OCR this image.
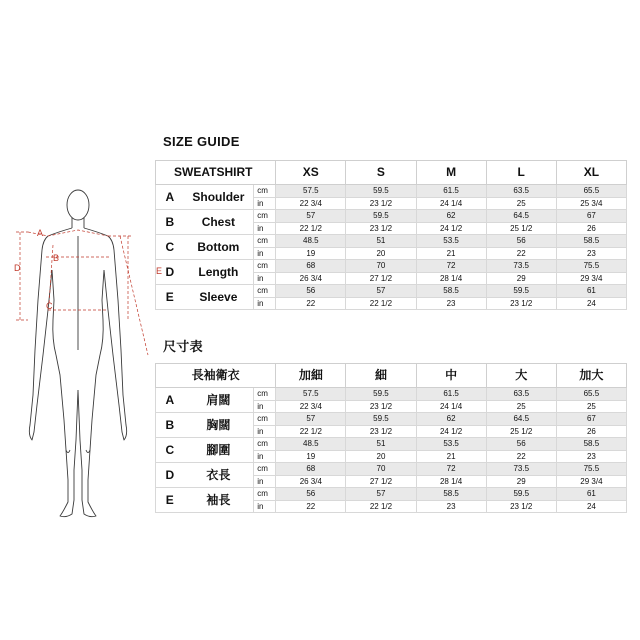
A
B
C
D	E
SIZE GUIDE
SWEATSHIRT			XS	S	M	L	XL
A	Shoulder	cm	57.5	59.5	61.5	63.5	65.5
		in	22 3/4	23 1/2	24 1/4	25	25 3/4
B	Chest	cm	57	59.5	62	64.5	67
		in	22 1/2	23 1/2	24 1/2	25 1/2	26
C	Bottom	cm	48.5	51	53.5	56	58.5
		in	19	20	21	22	23
D	Length	cm	68	70	72	73.5	75.5
		in	26 3/4	27 1/2	28 1/4	29	29 3/4
E	Sleeve	cm	56	57	58.5	59.5	61
		in	22	22 1/2	23	23 1/2	24
尺寸表
長袖衛衣			加細	細	中	大	加大
A	肩闊	cm	57.5	59.5	61.5	63.5	65.5
		in	22 3/4	23 1/2	24 1/4	25	25
B	胸闊	cm	57	59.5	62	64.5	67
		in	22 1/2	23 1/2	24 1/2	25 1/2	26
C	腳圍	cm	48.5	51	53.5	56	58.5
		in	19	20	21	22	23
D	衣長	cm	68	70	72	73.5	75.5
		in	26 3/4	27 1/2	28 1/4	29	29 3/4
E	袖長	cm	56	57	58.5	59.5	61
		in	22	22 1/2	23	23 1/2	24
